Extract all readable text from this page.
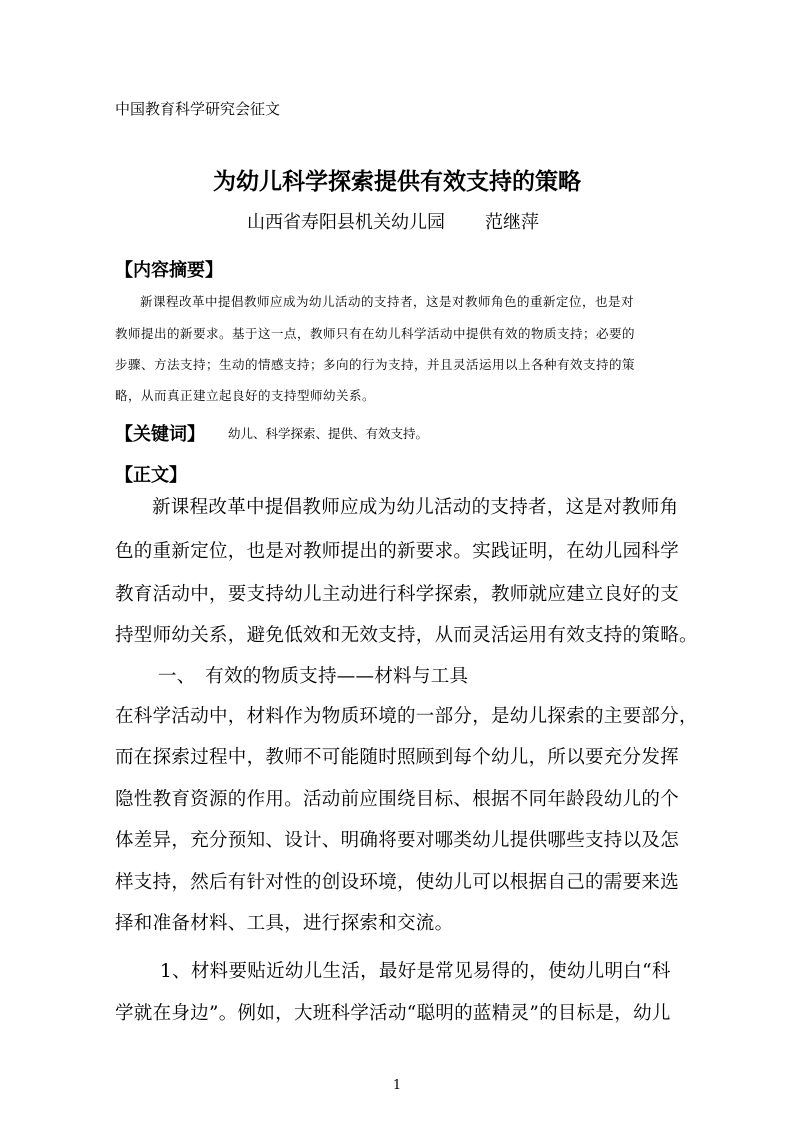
中国教育科学研究会征文
为幼儿科学探索提供有效支持的策略
山西省寿阳县机关幼儿园 范继萍
【内容摘要】
新课程改革中提倡教师应成为幼儿活动的支持者，这是对教师角色的重新定位，也是对
教师提出的新要求。基于这一点，教师只有在幼儿科学活动中提供有效的物质支持；必要的
步骤、方法支持；生动的情感支持；多向的行为支持，并且灵活运用以上各种有效支持的策
略，从而真正建立起良好的支持型师幼关系。
【关键词】 幼儿、科学探索、提供、有效支持。
【正文】
新课程改革中提倡教师应成为幼儿活动的支持者，这是对教师角
色的重新定位，也是对教师提出的新要求。实践证明，在幼儿园科学
教育活动中，要支持幼儿主动进行科学探索，教师就应建立良好的支
持型师幼关系，避免低效和无效支持，从而灵活运用有效支持的策略。
一、　有效的物质支持——材料与工具
在科学活动中，材料作为物质环境的一部分，是幼儿探索的主要部分，
而在探索过程中，教师不可能随时照顾到每个幼儿，所以要充分发挥
隐性教育资源的作用。活动前应围绕目标、根据不同年龄段幼儿的个
体差异，充分预知、设计、明确将要对哪类幼儿提供哪些支持以及怎
样支持，然后有针对性的创设环境，使幼儿可以根据自己的需要来选
择和准备材料、工具，进行探索和交流。
1、材料要贴近幼儿生活，最好是常见易得的，使幼儿明白“科
学就在身边”。例如，大班科学活动“聪明的蓝精灵”的目标是，幼儿
1
